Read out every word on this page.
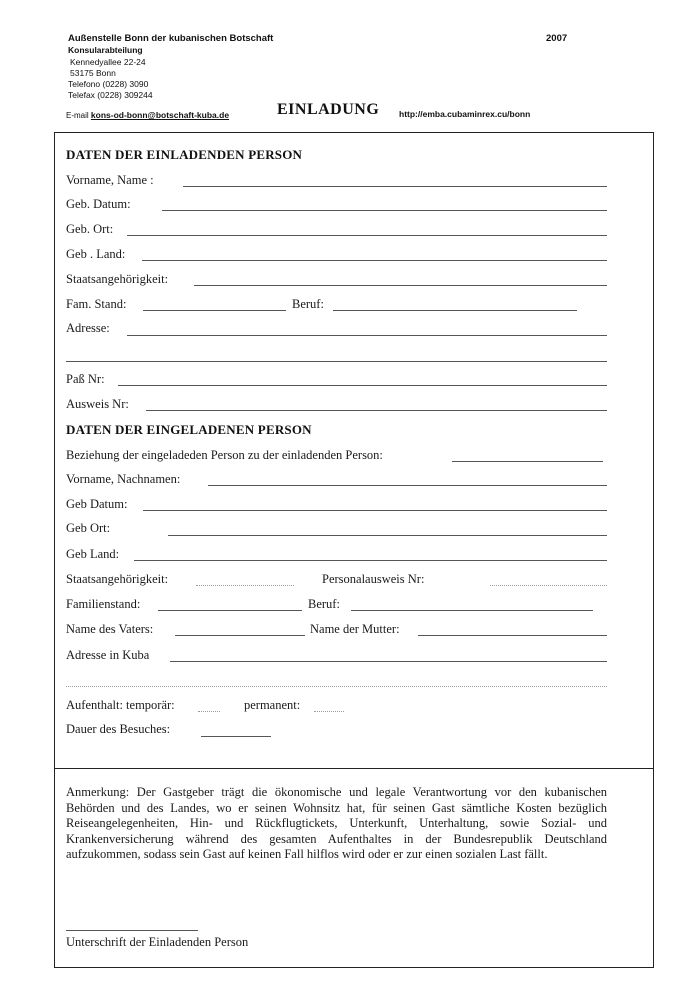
Außenstelle Bonn der kubanischen Botschaft
Konsularabteilung
Kennedyallee 22-24
53175 Bonn
Telefono (0228) 3090
Telefax (0228) 309244
2007
E-mail kons-od-bonn@botschaft-kuba.de	EINLADUNG http://emba.cubaminrex.cu/bonn
DATEN DER EINLADENDEN PERSON
Vorname, Name :
Geb. Datum:
Geb. Ort:
Geb . Land:
Staatsangehörigkeit:
Fam. Stand:	Beruf:
Adresse:
Paß Nr:
Ausweis Nr:
DATEN DER EINGELADENEN PERSON
Beziehung der eingeladeden Person zu der einladenden Person:
Vorname, Nachnamen:
Geb Datum:
Geb Ort:
Geb Land:
Staatsangehörigkeit:	Personalausweis Nr:
Familienstand:	Beruf:
Name des Vaters:	Name der Mutter:
Adresse in Kuba
Aufenthalt: temporär:	permanent:
Dauer des Besuches:
Anmerkung: Der Gastgeber trägt die ökonomische und legale Verantwortung vor den kubanischen Behörden und des Landes, wo er seinen Wohnsitz hat, für seinen Gast sämtliche Kosten bezüglich Reiseangelegenheiten, Hin- und Rückflugtickets, Unterkunft, Unterhaltung, sowie Sozial- und Krankenversicherung während des gesamten Aufenthaltes in der Bundesrepublik Deutschland aufzukommen, sodass sein Gast auf keinen Fall hilflos wird oder er zur einen sozialen Last fällt.
Unterschrift der Einladenden Person
